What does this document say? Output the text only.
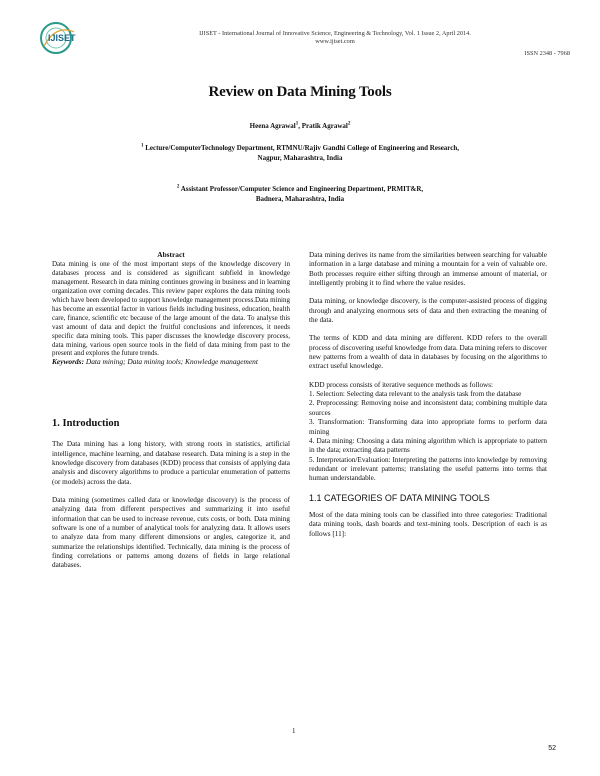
IJISET	IJISET - International Journal of Innovative Science, Engineering & Technology, Vol. 1 Issue 2, April 2014.
www.ijiset.com
ISSN 2348 - 7968
Review on Data Mining Tools
Heena Agrawal$^1$, Pratik Agrawal$^2$
$^1$ Lecture/ComputerTechnology Department, RTMNU/Rajiv Gandhi College of Engineering and Research,
Nagpur, Maharashtra, India
$^2$ Assistant Professor/Computer Science and Engineering Department, PRMIT&R,
Badnera, Maharashtra, India
Abstract

Data mining is one of the most important steps of the knowledge discovery in databases process and is considered as significant subfield in knowledge management. Research in data mining continues growing in business and in learning organization over coming decades. This review paper explores the data mining tools which have been developed to support knowledge management process.Data mining has become an essential factor in various fields including business, education, health care, finance, scientific etc because of the large amount of the data. To analyse this vast amount of data and depict the fruitful conclusions and inferences, it needs specific data mining tools. This paper discusses the knowledge discovery process, data mining, various open source tools in the field of data mining from past to the present and explores the future trends.

Keywords: Data mining; Data mining tools; Knowledge management

1. Introduction

The Data mining has a long history, with strong roots in statistics, artificial intelligence, machine learning, and database research. Data mining is a step in the knowledge discovery from databases (KDD) process that consists of applying data analysis and discovery algorithms to produce a particular enumeration of patterns (or models) across the data.

Data mining (sometimes called data or knowledge discovery) is the process of analyzing data from different perspectives and summarizing it into useful information that can be used to increase revenue, cuts costs, or both. Data mining software is one of a number of analytical tools for analyzing data. It allows users to analyze data from many different dimensions or angles, categorize it, and summarize the relationships identified. Technically, data mining is the process of finding correlations or patterns among dozens of fields in large relational databases.

Data mining derives its name from the similarities between searching for valuable information in a large database and mining a mountain for a vein of valuable ore. Both processes require either sifting through an immense amount of material, or intelligently probing it to find where the value resides.

Data mining, or knowledge discovery, is the computer-assisted process of digging through and analyzing enormous sets of data and then extracting the meaning of the data.

The terms of KDD and data mining are different. KDD refers to the overall process of discovering useful knowledge from data. Data mining refers to discover new patterns from a wealth of data in databases by focusing on the algorithms to extract useful knowledge.

KDD process consists of iterative sequence methods as follows:

1. Selection: Selecting data relevant to the analysis task from the database

2. Preprocessing: Removing noise and inconsistent data; combining multiple data sources

3. Transformation: Transforming data into appropriate forms to perform data mining

4. Data mining: Choosing a data mining algorithm which is appropriate to pattern in the data; extracting data patterns

5. Interpretation/Evaluation: Interpreting the patterns into knowledge by removing redundant or irrelevant patterns; translating the useful patterns into terms that human understandable.

1.1 CATEGORIES OF DATA MINING TOOLS

Most of the data mining tools can be classified into three categories: Traditional data mining tools, dash boards and text-mining tools. Description of each is as follows [11]:

1
52
